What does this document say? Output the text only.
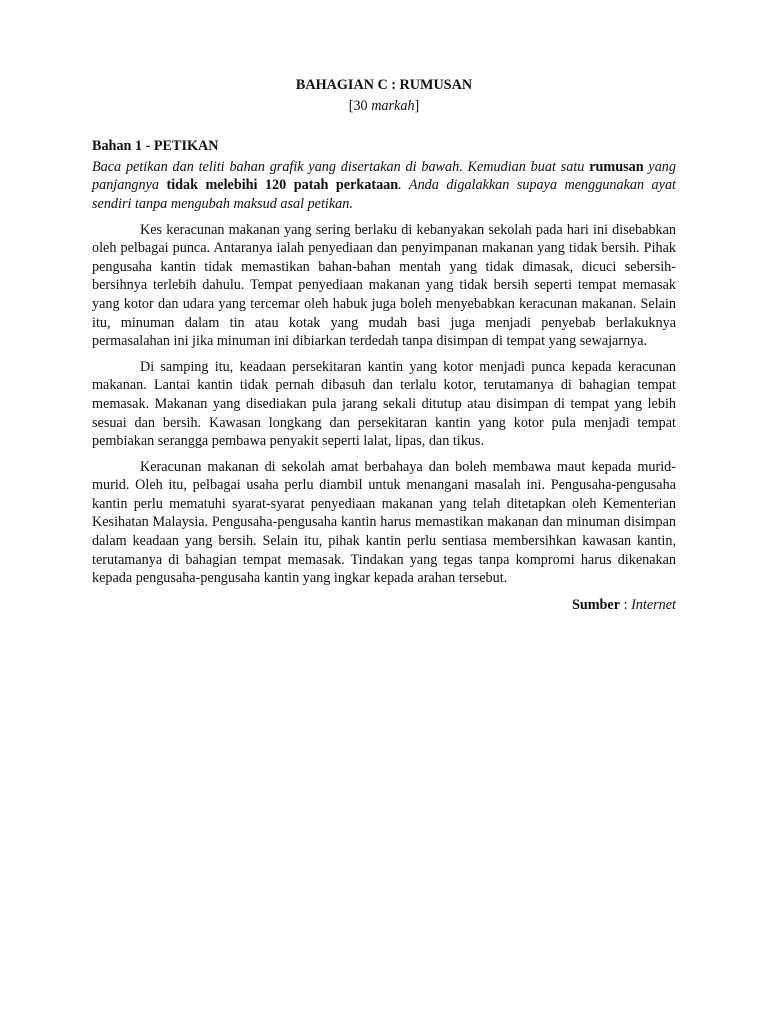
BAHAGIAN C : RUMUSAN

[30 markah]

Bahan 1 - PETIKAN

Baca petikan dan teliti bahan grafik yang disertakan di bawah. Kemudian buat satu rumusan yang panjangnya tidak melebihi 120 patah perkataan. Anda digalakkan supaya menggunakan ayat sendiri tanpa mengubah maksud asal petikan.

Kes keracunan makanan yang sering berlaku di kebanyakan sekolah pada hari ini disebabkan oleh pelbagai punca. Antaranya ialah penyediaan dan penyimpanan makanan yang tidak bersih. Pihak pengusaha kantin tidak memastikan bahan-bahan mentah yang tidak dimasak, dicuci sebersih-bersihnya terlebih dahulu. Tempat penyediaan makanan yang tidak bersih seperti tempat memasak yang kotor dan udara yang tercemar oleh habuk juga boleh menyebabkan keracunan makanan. Selain itu, minuman dalam tin atau kotak yang mudah basi juga menjadi penyebab berlakuknya permasalahan ini jika minuman ini dibiarkan terdedah tanpa disimpan di tempat yang sewajarnya.

Di samping itu, keadaan persekitaran kantin yang kotor menjadi punca kepada keracunan makanan. Lantai kantin tidak pernah dibasuh dan terlalu kotor, terutamanya di bahagian tempat memasak. Makanan yang disediakan pula jarang sekali ditutup atau disimpan di tempat yang lebih sesuai dan bersih. Kawasan longkang dan persekitaran kantin yang kotor pula menjadi tempat pembiakan serangga pembawa penyakit seperti lalat, lipas, dan tikus.

Keracunan makanan di sekolah amat berbahaya dan boleh membawa maut kepada murid-murid. Oleh itu, pelbagai usaha perlu diambil untuk menangani masalah ini. Pengusaha-pengusaha kantin perlu mematuhi syarat-syarat penyediaan makanan yang telah ditetapkan oleh Kementerian Kesihatan Malaysia. Pengusaha-pengusaha kantin harus memastikan makanan dan minuman disimpan dalam keadaan yang bersih. Selain itu, pihak kantin perlu sentiasa membersihkan kawasan kantin, terutamanya di bahagian tempat memasak. Tindakan yang tegas tanpa kompromi harus dikenakan kepada pengusaha-pengusaha kantin yang ingkar kepada arahan tersebut.

Sumber : Internet
